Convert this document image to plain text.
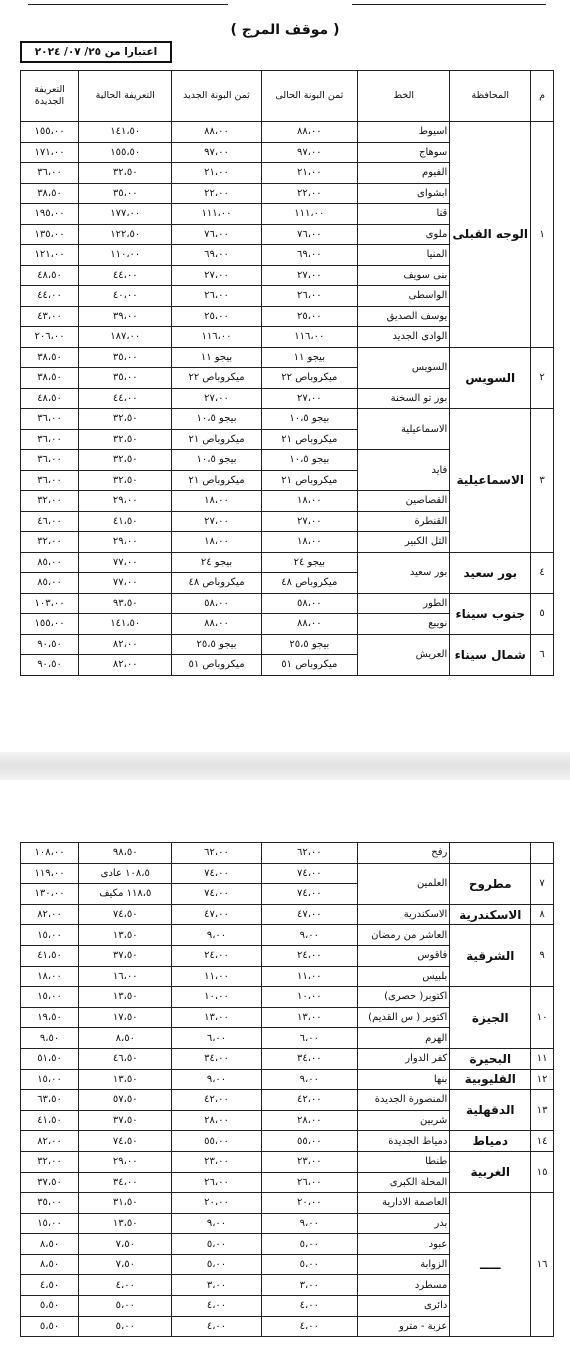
( موقف المرج )
اعتبارا من ٢٥/ ٠٧/ ٢٠٢٤
م	المحافظة	الخط	ثمن البونة الحالى	ثمن البونة الجديد	التعريفة الحالية	التعريفة الجديدة
١	الوجه القبلى	اسيوط	٨٨،٠٠	٨٨،٠٠	١٤١،٥٠	١٥٥،٠٠
		سوهاج	٩٧،٠٠	٩٧،٠٠	١٥٥،٥٠	١٧١،٠٠
		الفيوم	٢١،٠٠	٢١،٠٠	٣٢،٥٠	٣٦،٠٠
		ابشواى	٢٢،٠٠	٢٢،٠٠	٣٥،٠٠	٣٨،٥٠
		قنا	١١١،٠٠	١١١،٠٠	١٧٧،٠٠	١٩٥،٠٠
		ملوى	٧٦،٠٠	٧٦،٠٠	١٢٢،٥٠	١٣٥،٠٠
		المنيا	٦٩،٠٠	٦٩،٠٠	١١٠،٠٠	١٢١،٠٠
		بنى سويف	٢٧،٠٠	٢٧،٠٠	٤٤،٠٠	٤٨،٥٠
		الواسطى	٢٦،٠٠	٢٦،٠٠	٤٠،٠٠	٤٤،٠٠
		يوسف الصديق	٢٥،٠٠	٢٥،٠٠	٣٩،٠٠	٤٣،٠٠
		الوادى الجديد	١١٦،٠٠	١١٦،٠٠	١٨٧،٠٠	٢٠٦،٠٠
٢	السويس	السويس	بيجو ١١	بيجو ١١	٣٥،٠٠	٣٨،٥٠
			ميكروباص ٢٢	ميكروباص ٢٢	٣٥،٠٠	٣٨،٥٠
		بور تو السخنة	٢٧،٠٠	٢٧،٠٠	٤٤،٠٠	٤٨،٥٠
٣	الاسماعيلية	الاسماعيلية	بيجو ١٠،٥	بيجو ١٠،٥	٣٢،٥٠	٣٦،٠٠
			ميكروباص ٢١	ميكروباص ٢١	٣٢،٥٠	٣٦،٠٠
		فايد	بيجو ١٠،٥	بيجو ١٠،٥	٣٢،٥٠	٣٦،٠٠
			ميكروباص ٢١	ميكروباص ٢١	٣٢،٥٠	٣٦،٠٠
		القصاصين	١٨،٠٠	١٨،٠٠	٢٩،٠٠	٣٢،٠٠
		القنطرة	٢٧،٠٠	٢٧،٠٠	٤١،٥٠	٤٦،٠٠
		التل الكبير	١٨،٠٠	١٨،٠٠	٢٩،٠٠	٣٢،٠٠
٤	بور سعيد	بور سعيد	بيجو ٢٤	بيجو ٢٤	٧٧،٠٠	٨٥،٠٠
			ميكروباص ٤٨	ميكروباص ٤٨	٧٧،٠٠	٨٥،٠٠
٥	جنوب سيناء	الطور	٥٨،٠٠	٥٨،٠٠	٩٣،٥٠	١٠٣،٠٠
		نويبع	٨٨،٠٠	٨٨،٠٠	١٤١،٥٠	١٥٥،٠٠
٦	شمال سيناء	العريش	بيجو ٢٥،٥	بيجو ٢٥،٥	٨٢،٠٠	٩٠،٥٠
			ميكروباص ٥١	ميكروباص ٥١	٨٢،٠٠	٩٠،٥٠
		رفح	٦٢،٠٠	٦٢،٠٠	٩٨،٥٠	١٠٨،٠٠
٧	مطروح	العلمين	٧٤،٠٠	٧٤،٠٠	١٠٨،٥ عادى	١١٩،٠٠
			٧٤،٠٠	٧٤،٠٠	١١٨،٥ مكيف	١٣٠،٠٠
٨	الاسكندرية	الاسكندرية	٤٧،٠٠	٤٧،٠٠	٧٤،٥٠	٨٢،٠٠
٩	الشرقية	العاشر من رمضان	٩،٠٠	٩،٠٠	١٣،٥٠	١٥،٠٠
		فاقوس	٢٤،٠٠	٢٤،٠٠	٣٧،٥٠	٤١،٥٠
		بلبيس	١١،٠٠	١١،٠٠	١٦،٠٠	١٨،٠٠
١٠	الجيزة	اكتوبر( حصرى)	١٠،٠٠	١٠،٠٠	١٣،٥٠	١٥،٠٠
		اكتوبر ( س القديم)	١٣،٠٠	١٣،٠٠	١٧،٥٠	١٩،٥٠
		الهرم	٦،٠٠	٦،٠٠	٨،٥٠	٩،٥٠
١١	البحيرة	كفر الدوار	٣٤،٠٠	٣٤،٠٠	٤٦،٥٠	٥١،٥٠
١٢	القليوبية	بنها	٩،٠٠	٩،٠٠	١٣،٥٠	١٥،٠٠
١٣	الدقهلية	المنصورة الجديدة	٤٢،٠٠	٤٢،٠٠	٥٧،٥٠	٦٣،٥٠
		شربين	٢٨،٠٠	٢٨،٠٠	٣٧،٥٠	٤١،٥٠
١٤	دمياط	دمياط الجديدة	٥٥،٠٠	٥٥،٠٠	٧٤،٥٠	٨٢،٠٠
١٥	الغربية	طنطا	٢٣،٠٠	٢٣،٠٠	٢٩،٠٠	٣٢،٠٠
		المحلة الكبرى	٢٦،٠٠	٢٦،٠٠	٣٤،٠٠	٣٧،٥٠
١٦	ـــــ	العاصمة الادارية	٢٠،٠٠	٢٠،٠٠	٣١،٥٠	٣٥،٠٠
		بدر	٩،٠٠	٩،٠٠	١٣،٥٠	١٥،٠٠
		عبود	٥،٠٠	٥،٠٠	٧،٥٠	٨،٥٠
		الزوابة	٥،٠٠	٥،٠٠	٧،٥٠	٨،٥٠
		مسطرد	٣،٠٠	٣،٠٠	٤،٠٠	٤،٥٠
		دائرى	٤،٠٠	٤،٠٠	٥،٠٠	٥،٥٠
		عزبة - مترو	٤،٠٠	٤،٠٠	٥،٠٠	٥،٥٠
